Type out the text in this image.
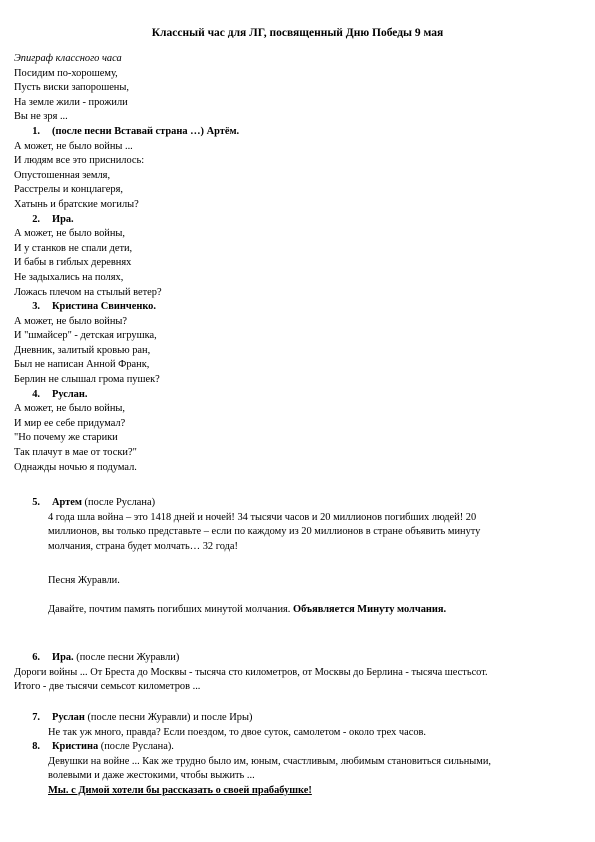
Классный час для ЛГ, посвященный Дню Победы 9 мая
Эпиграф классного часа
Посидим по-хорошему,
Пусть виски запорошены,
На земле жили - прожили
Вы не зря ...
1. (после песни Вставай страна …) Артём.
А может, не было войны ...
И людям все это приснилось:
Опустошенная земля,
Расстрелы и концлагеря,
Хатынь и братские могилы?
2. Ира.
А может, не было войны,
И у станков не спали дети,
И бабы в гиблых деревнях
Не задыхались на полях,
Ложась плечом на стылый ветер?
3. Кристина Свинченко.
А может, не было войны?
И "шмайсер" - детская игрушка,
Дневник, залитый кровью ран,
Был не написан Анной Франк,
Берлин не слышал грома пушек?
4. Руслан.
А может, не было войны,
И мир ее себе придумал?
"Но почему же старики
Так плачут в мае от тоски?"
Однажды ночью я подумал.
5. Артем (после Руслана)
4 года шла война – это 1418 дней и ночей! 34 тысячи часов и 20 миллионов погибших людей! 20
миллионов, вы только представьте – если по каждому из 20 миллионов в стране объявить минуту
молчания, страна будет молчать… 32 года!
Песня Журавли.
Давайте, почтим память погибших минутой молчания. Объявляется Минуту молчания.
6. Ира. (после песни Журавли)
Дороги войны ... От Бреста до Москвы - тысяча сто километров, от Москвы до Берлина - тысяча шестьсот.
Итого - две тысячи семьсот километров ...
7. Руслан (после песни Журавли) и после Иры)
Не так уж много, правда? Если поездом, то двое суток, самолетом - около трех часов.
8. Кристина (после Руслана).
Девушки на войне ... Как же трудно было им, юным, счастливым, любимым становиться сильными,
волевыми и даже жестокими, чтобы выжить ...
Мы. с Димой хотели бы рассказать о своей прабабушке!
